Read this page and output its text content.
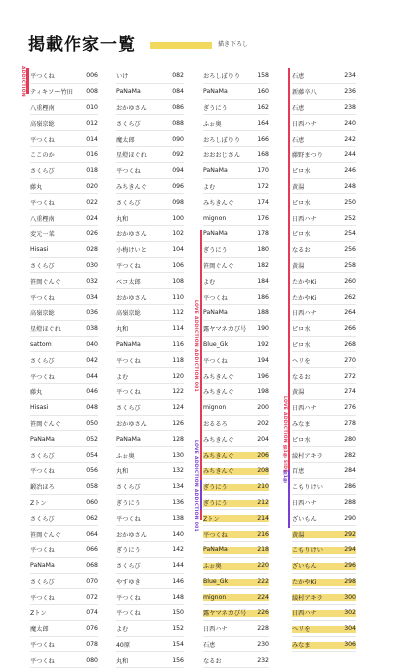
掲載作家一覧	描き下ろし
ADDICTION
LOVE ADDICTION ADDICTION 001
LOVE ADDICTION ADDICTION 001
LOVE ADDICTION 第1巻 SIDE
第1巻
平つくね	006
ティキソー竹田	008
八重樫南	010
高嶺京総	012
平つくね	014
ここのか	016
さくらび	018
藤丸	020
平つくね	022
八重樫南	024
変元一菜	026
Hisasi	028
さくらび	030
笹岡ぐんぐ	032
平つくね	034
高嶺京総	036
星燈ほぐれ	038
sattom	040
さくらび	042
平つくね	044
藤丸	046
Hisasi	048
笹岡ぐんぐ	050
PaNaMa	052
さくらび	054
平つくね	056
鍛冶ほろ	058
Zトン	060
さくらび	062
笹岡ぐんぐ	064
平つくね	066
PaNaMa	068
さくらび	070
平つくね	072
Zトン	074
魔太郎	076
平つくね	078
平つくね	080
いけ	082
PaNaMa	084
おかゆさん	086
さくらび	088
魔太郎	090
星燈ほぐれ	092
平つくね	094
みちきんぐ	096
さくらび	098
丸和	100
おかゆさん	102
小梅けいと	104
平つくね	106
ベコ太郎	108
おかゆさん	110
高嶺京総	112
丸和	114
PaNaMa	116
平つくね	118
よむ	120
平つくね	122
さくらび	124
おかゆさん	126
PaNaMa	128
ふぉ奥	130
丸和	132
さくらび	134
ぎうにう	136
平つくね	138
おかゆさん	140
ぎうにう	142
さくらび	144
やすゆき	146
平つくね	148
平つくね	150
よむ	152
40原	154
丸和	156
おろしぽりり	158
PaNaMa	160
ぎうにう	162
ふぉ奥	164
おろしぽりり	166
おおおじさん	168
PaNaMa	170
よむ	172
みちきんぐ	174
mignon	176
PaNaMa	178
ぎうにう	180
笹岡ぐんぐ	182
よむ	184
平つくね	186
PaNaMa	188
露ヤマネカび号	190
Blue_Gk	192
平つくね	194
みちきんぐ	196
みちきんぐ	198
mignon	200
おるるろ	202
みちきんぐ	204
みちきんぐ	206
みちきんぐ	208
ぎうにう	210
ぎうにう	212
Zトン	214
平つくね	216
PaNaMa	218
ふぉ奥	220
Blue_Gk	222
mignon	224
露ヤマネカび号	226
日西ハナ	228
石恵	230
なるお	232
石恵	234
新藤卒八	236
石恵	238
日西ハナ	240
石恵	242
藤野まつり	244
ピロ水	246
黄湯	248
ピロ水	250
日西ハナ	252
ピロ水	254
なるお	256
黄湯	258
たかやKi	260
たかやKi	262
日西ハナ	264
ピロ水	266
ピロ水	268
ヘリを	270
なるお	272
黄湯	274
日西ハナ	276
みなま	278
ピロ水	280
綾村アキラ	282
百恵	284
こもりけい	286
日西ハナ	288
ざいもん	290
黄湯	292
こもりけい	294
ざいもん	296
たかやKi	298
綾村アキラ	300
日西ハナ	302
ヘリを	304
みなま	306
